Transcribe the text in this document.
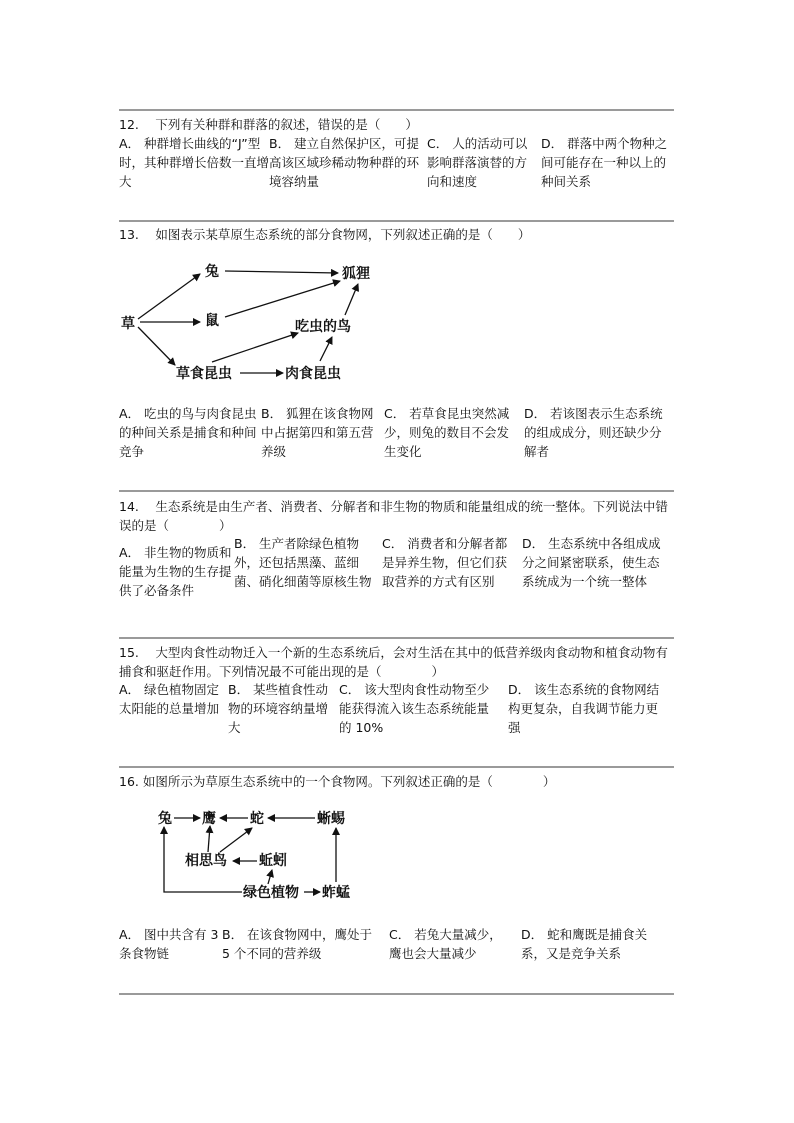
12.　 下列有关种群和群落的叙述，错误的是（　　）
A． 种群增长曲线的“J”型时，其种群增长倍数一直增大
B． 建立自然保护区，可提高该区域珍稀动物种群的环境容纳量
C． 人的活动可以影响群落演替的方向和速度
D． 群落中两个物种之间可能存在一种以上的种间关系
13.　 如图表示某草原生态系统的部分食物网，下列叙述正确的是（　　）
草
兔
鼠
狐狸
吃虫的鸟
草食昆虫	肉食昆虫
A． 吃虫的鸟与肉食昆虫的种间关系是捕食和种间竞争
B． 狐狸在该食物网中占据第四和第五营养级
C． 若草食昆虫突然减少，则兔的数目不会发生变化
D． 若该图表示生态系统的组成成分，则还缺少分解者
14.　 生态系统是由生产者、消费者、分解者和非生物的物质和能量组成的统一整体。下列说法中错误的是（　　　　）
A． 非生物的物质和能量为生物的生存提供了必备条件
B． 生产者除绿色植物外，还包括黑藻、蓝细菌、硝化细菌等原核生物
C． 消费者和分解者都是异养生物，但它们获取营养的方式有区别
D． 生态系统中各组成成分之间紧密联系，使生态系统成为一个统一整体
15.　 大型肉食性动物迁入一个新的生态系统后，会对生活在其中的低营养级肉食动物和植食动物有捕食和驱赶作用。下列情况最不可能出现的是（　　　　）
A． 绿色植物固定太阳能的总量增加
B． 某些植食性动物的环境容纳量增大
C． 该大型肉食性动物至少能获得流入该生态系统能量的 10%
D． 该生态系统的食物网结构更复杂，自我调节能力更强
16. 如图所示为草原生态系统中的一个食物网。下列叙述正确的是（　　　　）
兔 鹰 蛇	蜥蜴
相思鸟 蚯蚓
绿色植物 蚱蜢
A． 图中共含有 3 条食物链
B． 在该食物网中，鹰处于 5 个不同的营养级
C． 若兔大量减少，鹰也会大量减少
D． 蛇和鹰既是捕食关系，又是竞争关系
